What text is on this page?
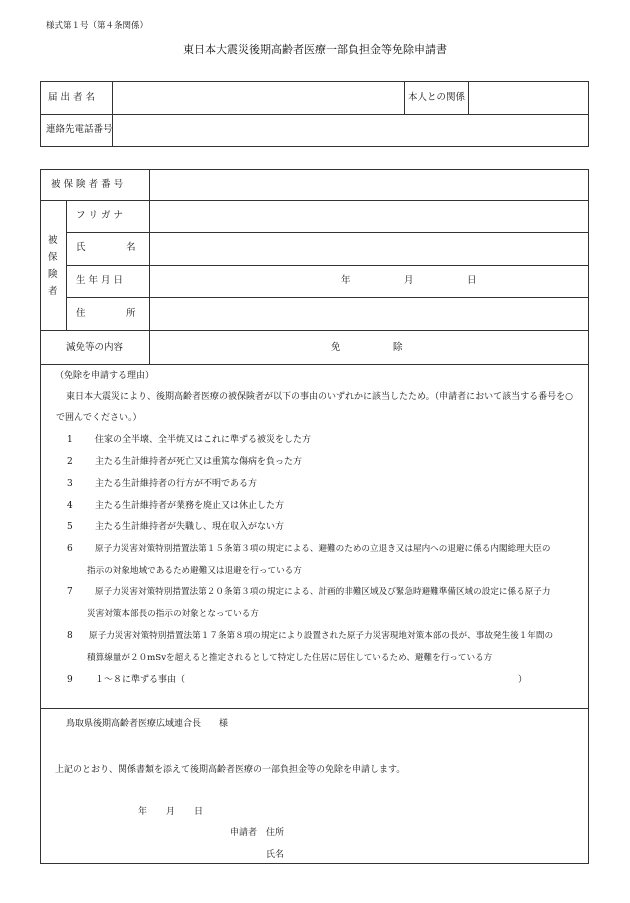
様式第１号（第４条関係）
東日本大震災後期高齢者医療一部負担金等免除申請書
届 出 者 名	本人との関係
連絡先電話番号
被 保 険 者 番 号
被
保
険
者
フ リ ガ ナ
氏	名
生 年 月 日	年	月	日
住	所
減免等の内容	免	除
（免除を申請する理由）
東日本大震災により、後期高齢者医療の被保険者が以下の事由のいずれかに該当したため。（申請者において該当する番号を○
で囲んでください。）
1 住家の全半壊、全半焼又はこれに準ずる被災をした方
2 主たる生計維持者が死亡又は重篤な傷病を負った方
3 主たる生計維持者の行方が不明である方
4 主たる生計維持者が業務を廃止又は休止した方
5 主たる生計維持者が失職し、現在収入がない方
6	原子力災害対策特別措置法第１５条第３項の規定による、避難のための立退き又は屋内への退避に係る内閣総理大臣の
指示の対象地域であるため避難又は退避を行っている方
7	原子力災害対策特別措置法第２０条第３項の規定による、計画的非難区域及び緊急時避難準備区域の設定に係る原子力
災害対策本部長の指示の対象となっている方
8 原子力災害対策特別措置法第１７条第８項の規定により設置された原子力災害現地対策本部の長が、事故発生後１年間の
積算線量が２０mSvを超えると推定されるとして特定した住居に居住しているため、避難を行っている方
9 １～８に準ずる事由（	）
鳥取県後期高齢者医療広域連合長　　様
上記のとおり、関係書類を添えて後期高齢者医療の一部負担金等の免除を申請します。
年 月 日
申請者 住所
氏名
